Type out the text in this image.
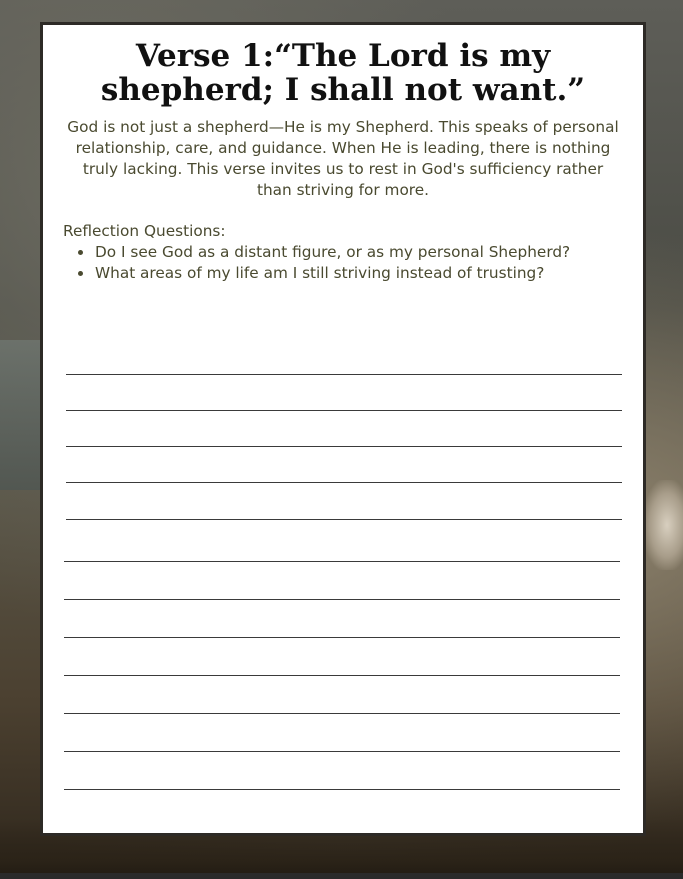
Verse 1:“The Lord is my shepherd; I shall not want.”

God is not just a shepherd—He is my Shepherd. This speaks of personal relationship, care, and guidance. When He is leading, there is nothing truly lacking. This verse invites us to rest in God's sufficiency rather than striving for more.

Reflection Questions:
Do I see God as a distant figure, or as my personal Shepherd?
What areas of my life am I still striving instead of trusting?
